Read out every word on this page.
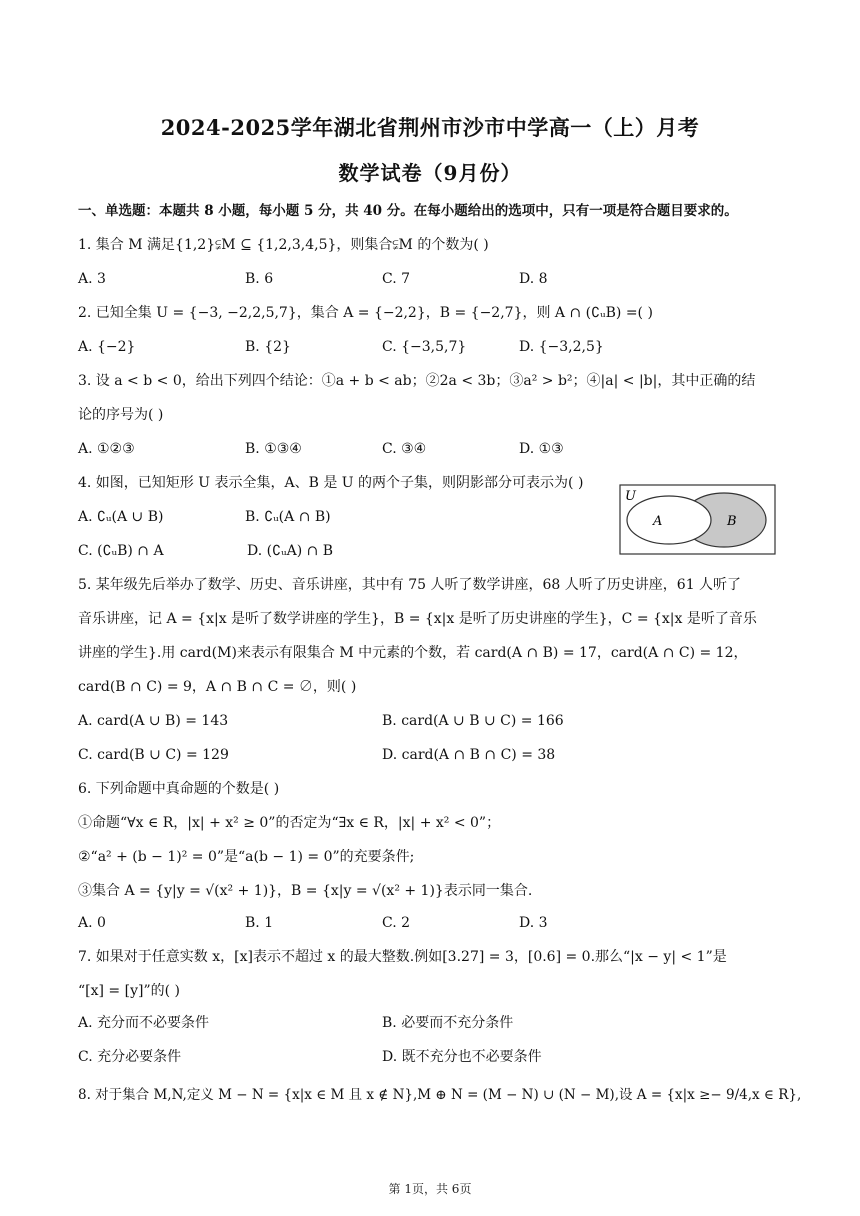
2024-2025学年湖北省荆州市沙市中学高一（上）月考
数学试卷（9月份）
一、单选题：本题共 8 小题，每小题 5 分，共 40 分。在每小题给出的选项中，只有一项是符合题目要求的。
1. 集合 M 满足{1,2}⫋M ⊆ {1,2,3,4,5}，则集合⫋M 的个数为( )
A. 3	B. 6	C. 7	D. 8
2. 已知全集 U = {−3, −2,2,5,7}，集合 A = {−2,2}，B = {−2,7}，则 A ∩ (∁ᵤB) =( )
A. {−2}	B. {2}	C. {−3,5,7}	D. {−3,2,5}
3. 设 a < b < 0，给出下列四个结论：①a + b < ab；②2a < 3b；③a² > b²；④|a| < |b|，其中正确的结
论的序号为( )
A. ①②③	B. ①③④	C. ③④	D. ①③
4. 如图，已知矩形 U 表示全集，A、B 是 U 的两个子集，则阴影部分可表示为( )
A. ∁ᵤ(A ∪ B)	B. ∁ᵤ(A ∩ B)
C. (∁ᵤB) ∩ A	D. (∁ᵤA) ∩ B
U
A	B
5. 某年级先后举办了数学、历史、音乐讲座，其中有 75 人听了数学讲座，68 人听了历史讲座，61 人听了
音乐讲座，记 A = {x|x 是听了数学讲座的学生}，B = {x|x 是听了历史讲座的学生}，C = {x|x 是听了音乐
讲座的学生}.用 card(M)来表示有限集合 M 中元素的个数，若 card(A ∩ B) = 17，card(A ∩ C) = 12，
card(B ∩ C) = 9，A ∩ B ∩ C = ∅，则( )
A. card(A ∪ B) = 143	B. card(A ∪ B ∪ C) = 166
C. card(B ∪ C) = 129	D. card(A ∩ B ∩ C) = 38
6. 下列命题中真命题的个数是( )
①命题“∀x ∈ R，|x| + x² ≥ 0”的否定为“∃x ∈ R，|x| + x² < 0”；
②“a² + (b − 1)² = 0”是“a(b − 1) = 0”的充要条件;
③集合 A = {y|y = √(x² + 1)}，B = {x|y = √(x² + 1)}表示同一集合.
A. 0	B. 1	C. 2	D. 3
7. 如果对于任意实数 x，[x]表示不超过 x 的最大整数.例如[3.27] = 3，[0.6] = 0.那么“|x − y| < 1”是
“[x] = [y]”的( )
A. 充分而不必要条件	B. 必要而不充分条件
C. 充分必要条件	D. 既不充分也不必要条件
8. 对于集合 M,N,定义 M − N = {x|x ∈ M 且 x ∉ N},M ⊕ N = (M − N) ∪ (N − M),设 A = {x|x ≥− 9/4,x ∈ R},
第 1页，共 6页
